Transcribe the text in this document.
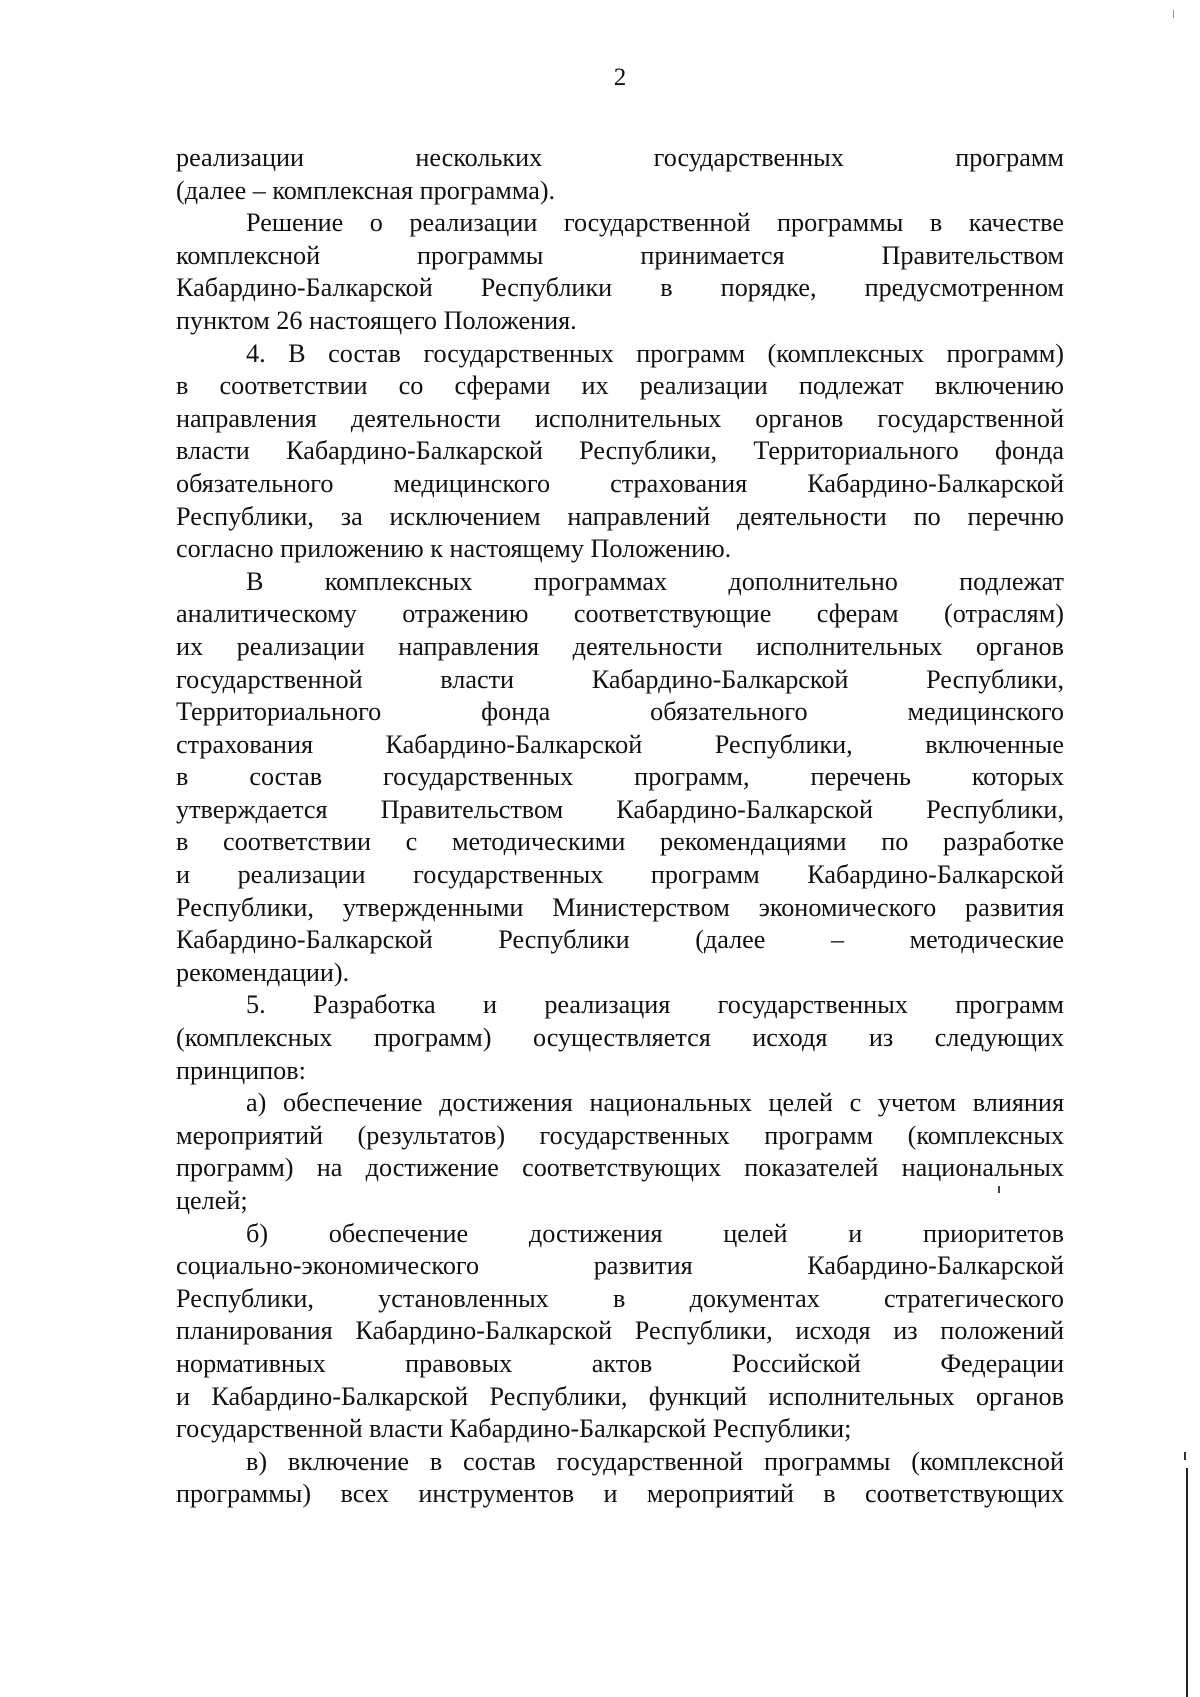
2
реализации нескольких государственных программ
(далее – комплексная программа).
Решение о реализации государственной программы в качестве
комплексной программы принимается Правительством
Кабардино-Балкарской Республики в порядке, предусмотренном
пунктом 26 настоящего Положения.
4. В состав государственных программ (комплексных программ)
в соответствии со сферами их реализации подлежат включению
направления деятельности исполнительных органов государственной
власти Кабардино-Балкарской Республики, Территориального фонда
обязательного медицинского страхования Кабардино-Балкарской
Республики, за исключением направлений деятельности по перечню
согласно приложению к настоящему Положению.
В комплексных программах дополнительно подлежат
аналитическому отражению соответствующие сферам (отраслям)
их реализации направления деятельности исполнительных органов
государственной власти Кабардино-Балкарской Республики,
Территориального фонда обязательного медицинского
страхования Кабардино-Балкарской Республики, включенные
в состав государственных программ, перечень которых
утверждается Правительством Кабардино-Балкарской Республики,
в соответствии с методическими рекомендациями по разработке
и реализации государственных программ Кабардино-Балкарской
Республики, утвержденными Министерством экономического развития
Кабардино-Балкарской Республики (далее – методические
рекомендации).
5. Разработка и реализация государственных программ
(комплексных программ) осуществляется исходя из следующих
принципов:
а) обеспечение достижения национальных целей с учетом влияния
мероприятий (результатов) государственных программ (комплексных
программ) на достижение соответствующих показателей национальных
целей;
б) обеспечение достижения целей и приоритетов
социально-экономического развития Кабардино-Балкарской
Республики, установленных в документах стратегического
планирования Кабардино-Балкарской Республики, исходя из положений
нормативных правовых актов Российской Федерации
и Кабардино-Балкарской Республики, функций исполнительных органов
государственной власти Кабардино-Балкарской Республики;
в) включение в состав государственной программы (комплексной
программы) всех инструментов и мероприятий в соответствующих
